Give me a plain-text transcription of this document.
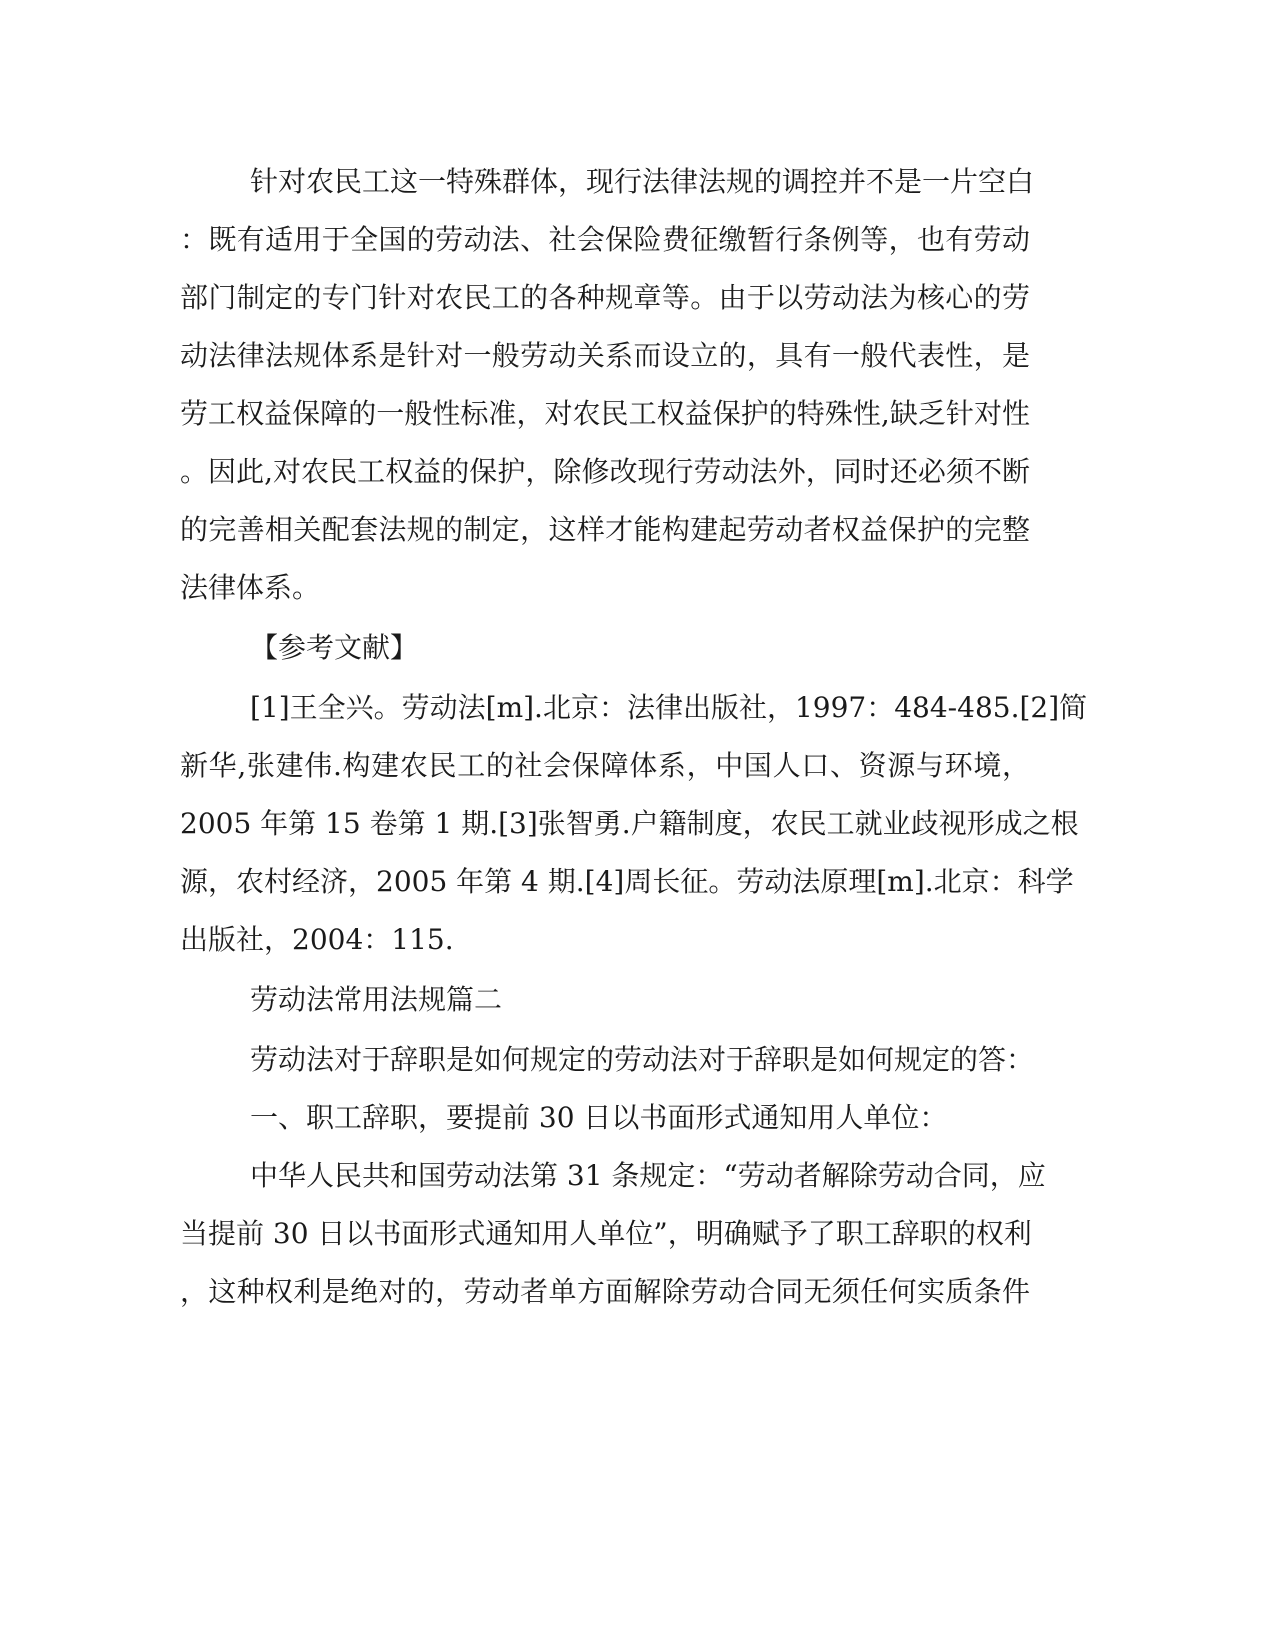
针对农民工这一特殊群体，现行法律法规的调控并不是一片空白
：既有适用于全国的劳动法、社会保险费征缴暂行条例等，也有劳动
部门制定的专门针对农民工的各种规章等。由于以劳动法为核心的劳
动法律法规体系是针对一般劳动关系而设立的，具有一般代表性，是
劳工权益保障的一般性标准，对农民工权益保护的特殊性,缺乏针对性
。因此,对农民工权益的保护，除修改现行劳动法外，同时还必须不断
的完善相关配套法规的制定，这样才能构建起劳动者权益保护的完整
法律体系。
【参考文献】
[1]王全兴。劳动法[m].北京：法律出版社，1997：484-485.[2]简
新华,张建伟.构建农民工的社会保障体系，中国人口、资源与环境，
2005 年第 15 卷第 1 期.[3]张智勇.户籍制度，农民工就业歧视形成之根
源，农村经济，2005 年第 4 期.[4]周长征。劳动法原理[m].北京：科学
出版社，2004：115.
劳动法常用法规篇二
劳动法对于辞职是如何规定的劳动法对于辞职是如何规定的答：
一、职工辞职，要提前 30 日以书面形式通知用人单位：
中华人民共和国劳动法第 31 条规定：“劳动者解除劳动合同，应
当提前 30 日以书面形式通知用人单位”，明确赋予了职工辞职的权利
，这种权利是绝对的，劳动者单方面解除劳动合同无须任何实质条件
